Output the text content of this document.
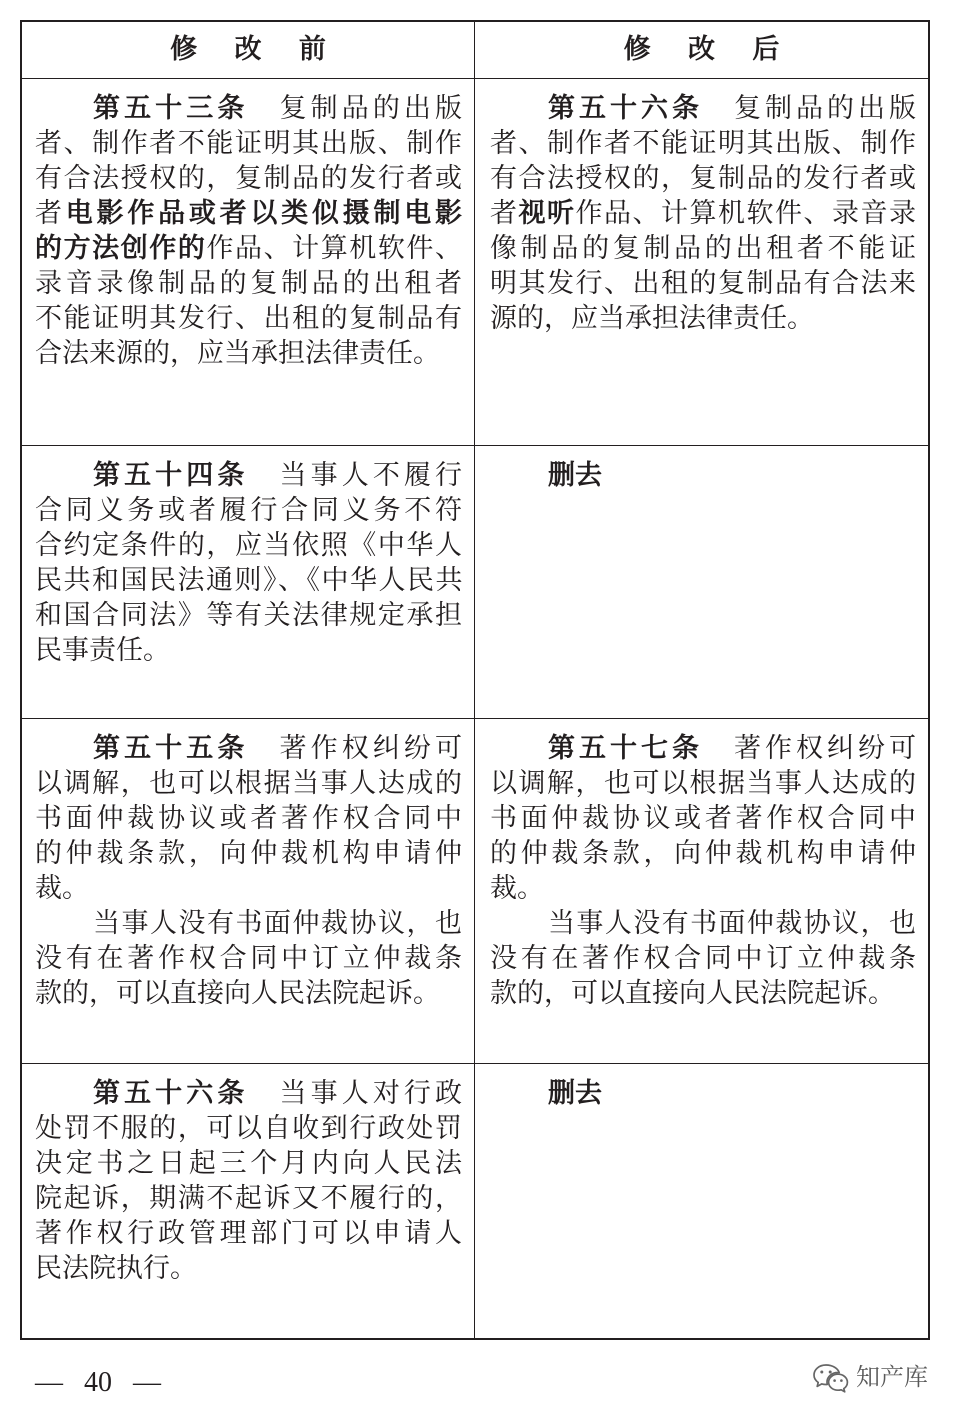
修 改 前	修 改 后
第五十三条　复制品的出版
者、制作者不能证明其出版、制作
有合法授权的，复制品的发行者或
者电影作品或者以类似摄制电影
的方法创作的作品、计算机软件、
录音录像制品的复制品的出租者
不能证明其发行、出租的复制品有
合法来源的，应当承担法律责任。
第五十六条　复制品的出版
者、制作者不能证明其出版、制作
有合法授权的，复制品的发行者或
者视听作品、计算机软件、录音录
像制品的复制品的出租者不能证
明其发行、出租的复制品有合法来
源的，应当承担法律责任。
第五十四条　当事人不履行
合同义务或者履行合同义务不符
合约定条件的，应当依照《中华人
民共和国民法通则》、《中华人民共
和国合同法》等有关法律规定承担
民事责任。
删去
第五十五条　著作权纠纷可
以调解，也可以根据当事人达成的
书面仲裁协议或者著作权合同中
的仲裁条款，向仲裁机构申请仲
裁。
当事人没有书面仲裁协议，也
没有在著作权合同中订立仲裁条
款的，可以直接向人民法院起诉。
第五十七条　著作权纠纷可
以调解，也可以根据当事人达成的
书面仲裁协议或者著作权合同中
的仲裁条款，向仲裁机构申请仲
裁。
当事人没有书面仲裁协议，也
没有在著作权合同中订立仲裁条
款的，可以直接向人民法院起诉。
第五十六条　当事人对行政
处罚不服的，可以自收到行政处罚
决定书之日起三个月内向人民法
院起诉，期满不起诉又不履行的，
著作权行政管理部门可以申请人
民法院执行。
删去
— 40 —	知产库
